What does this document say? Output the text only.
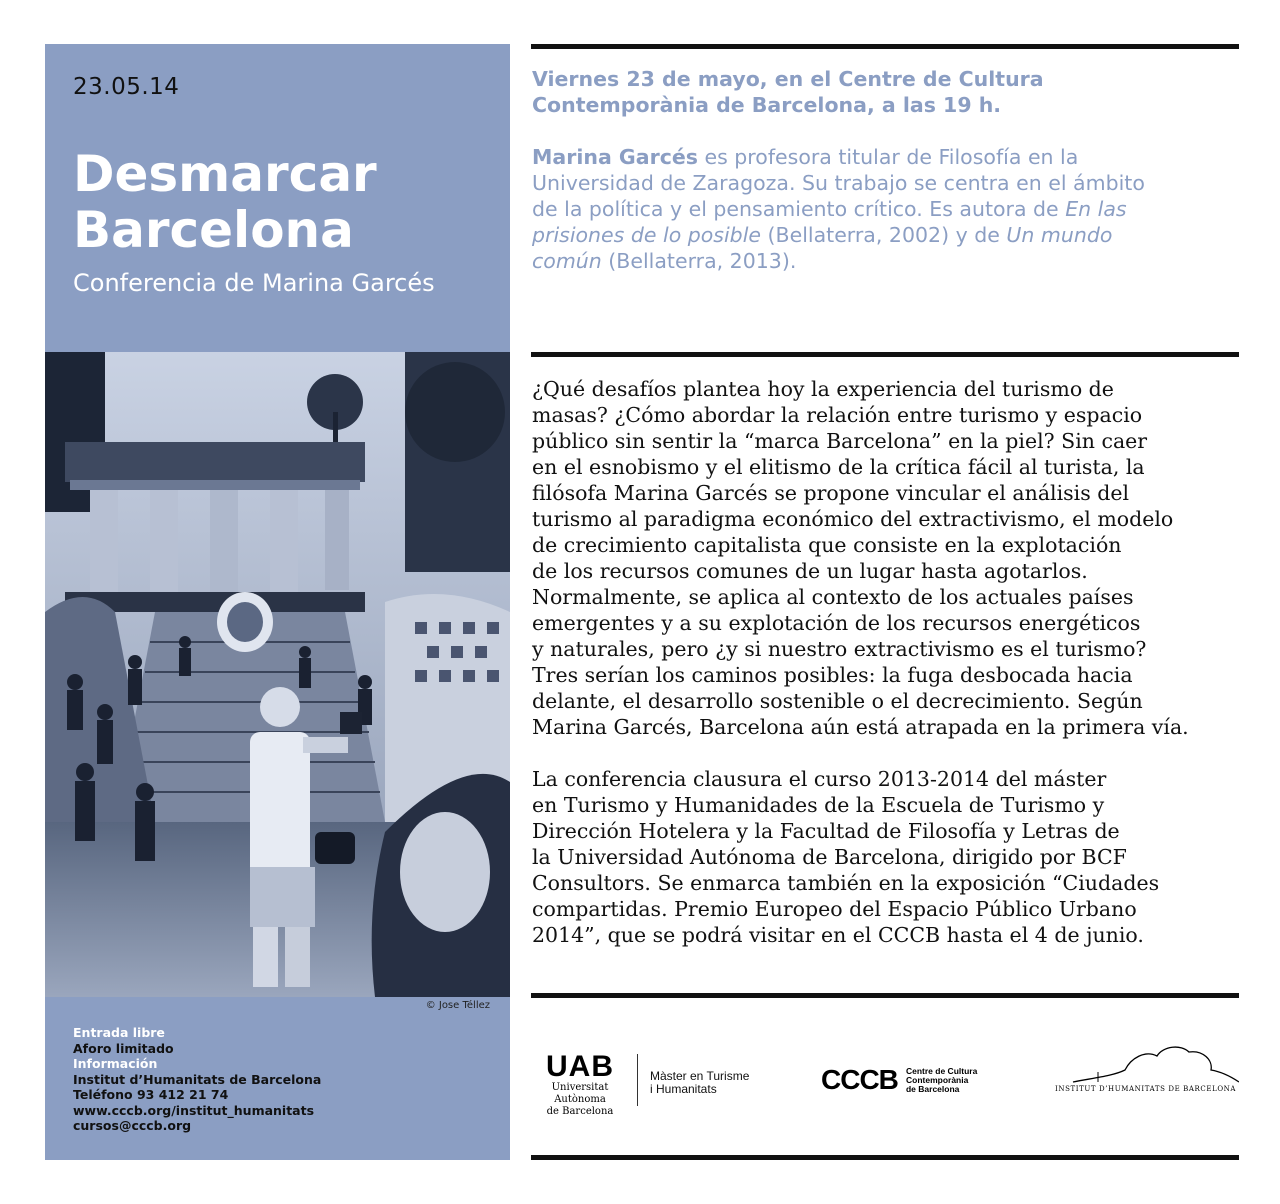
23.05.14
Desmarcar
Barcelona
Conferencia de Marina Garcés
© Jose Téllez
Entrada libre
Aforo limitado
Información
Institut d’Humanitats de Barcelona
Teléfono 93 412 21 74
www.cccb.org/institut_humanitats
cursos@cccb.org
Viernes 23 de mayo, en el Centre de Cultura
Contemporània de Barcelona, a las 19 h.
Marina Garcés es profesora titular de Filosofía en la
Universidad de Zaragoza. Su trabajo se centra en el ámbito
de la política y el pensamiento crítico. Es autora de En las
prisiones de lo posible (Bellaterra, 2002) y de Un mundo
común (Bellaterra, 2013).

¿Qué desafíos plantea hoy la experiencia del turismo de
masas? ¿Cómo abordar la relación entre turismo y espacio
público sin sentir la “marca Barcelona” en la piel? Sin caer
en el esnobismo y el elitismo de la crítica fácil al turista, la
filósofa Marina Garcés se propone vincular el análisis del
turismo al paradigma económico del extractivismo, el modelo
de crecimiento capitalista que consiste en la explotación
de los recursos comunes de un lugar hasta agotarlos.
Normalmente, se aplica al contexto de los actuales países
emergentes y a su explotación de los recursos energéticos
y naturales, pero ¿y si nuestro extractivismo es el turismo?
Tres serían los caminos posibles: la fuga desbocada hacia
delante, el desarrollo sostenible o el decrecimiento. Según
Marina Garcés, Barcelona aún está atrapada en la primera vía.

La conferencia clausura el curso 2013-2014 del máster
en Turismo y Humanidades de la Escuela de Turismo y
Dirección Hotelera y la Facultad de Filosofía y Letras de
la Universidad Autónoma de Barcelona, dirigido por BCF
Consultors. Se enmarca también en la exposición “Ciudades
compartidas. Premio Europeo del Espacio Público Urbano
2014”, que se podrá visitar en el CCCB hasta el 4 de junio.

UAB
Universitat Autònoma
de Barcelona
Màster en Turisme
i Humanitats	CCCB Centre de Cultura
Contemporània
de Barcelona	INSTITUT D’HUMANITATS DE BARCELONA
